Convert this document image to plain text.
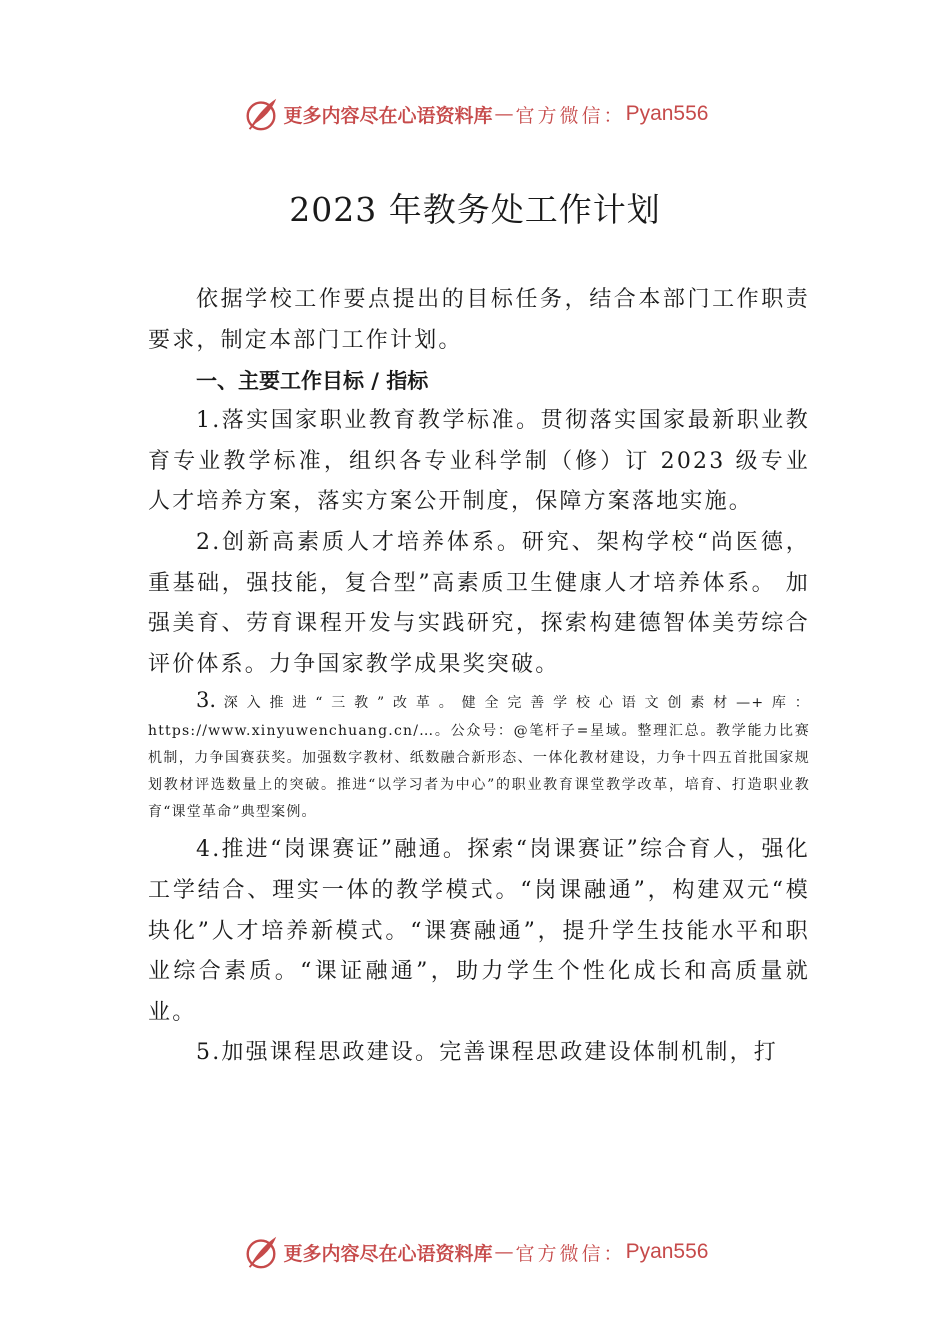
更多内容尽在心语资料库 — 官方微信： Pyan556
2023 年教务处工作计划

依据学校工作要点提出的目标任务，结合本部门工作职责要求，制定本部门工作计划。

一、主要工作目标 / 指标

1.落实国家职业教育教学标准。贯彻落实国家最新职业教育专业教学标准，组织各专业科学制（修）订 2023 级专业人才培养方案，落实方案公开制度，保障方案落地实施。

2.创新高素质人才培养体系。研究、架构学校“尚医德，重基础，强技能，复合型”高素质卫生健康人才培养体系。 加强美育、劳育课程开发与实践研究，探索构建德智体美劳综合评价体系。力争国家教学成果奖突破。

3.深入推进“三教”改革。健全完善学校心语文创素材—+库：https://www.xinyuwenchuang.cn/…。公众号：@笔杆子=星域。整理汇总。教学能力比赛机制，力争国赛获奖。加强数字教材、纸数融合新形态、一体化教材建设，力争十四五首批国家规划教材评选数量上的突破。推进“以学习者为中心”的职业教育课堂教学改革，培育、打造职业教育“课堂革命”典型案例。

4.推进“岗课赛证”融通。探索“岗课赛证”综合育人，强化工学结合、理实一体的教学模式。“岗课融通”，构建双元“模块化”人才培养新模式。“课赛融通”，提升学生技能水平和职业综合素质。“课证融通”，助力学生个性化成长和高质量就业。

5.加强课程思政建设。完善课程思政建设体制机制，打

更多内容尽在心语资料库 — 官方微信： Pyan556
